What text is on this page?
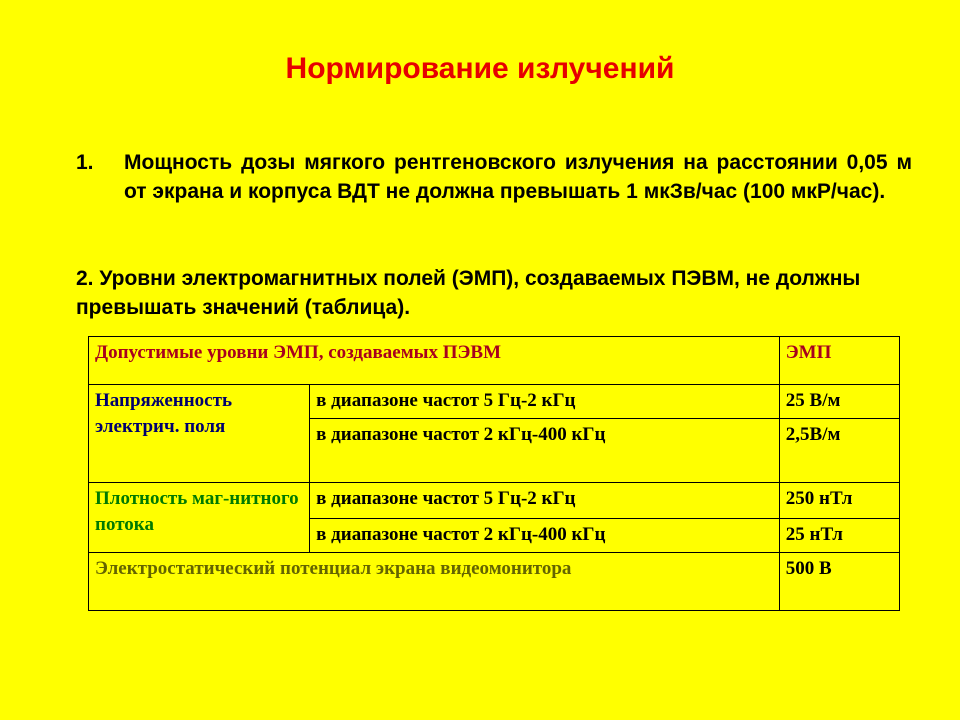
Нормирование излучений
1. Мощность дозы мягкого рентгеновского излучения на расстоянии 0,05 м от экрана и корпуса ВДТ не должна превышать 1 мкЗв/час (100 мкР/час).
2. Уровни электромагнитных полей (ЭМП), создаваемых ПЭВМ, не должны превышать значений (таблица).
Допустимые уровни ЭМП, создаваемых ПЭВМ		ЭМП
Напряженность электрич. поля	в диапазоне частот 5 Гц-2 кГц	25 В/м
	в диапазоне частот 2 кГц-400 кГц	2,5В/м
Плотность маг-нитного потока	в диапазоне частот 5 Гц-2 кГц	250 нТл
	в диапазоне частот 2 кГц-400 кГц	25 нТл
Электростатический потенциал экрана видеомонитора		500 В
